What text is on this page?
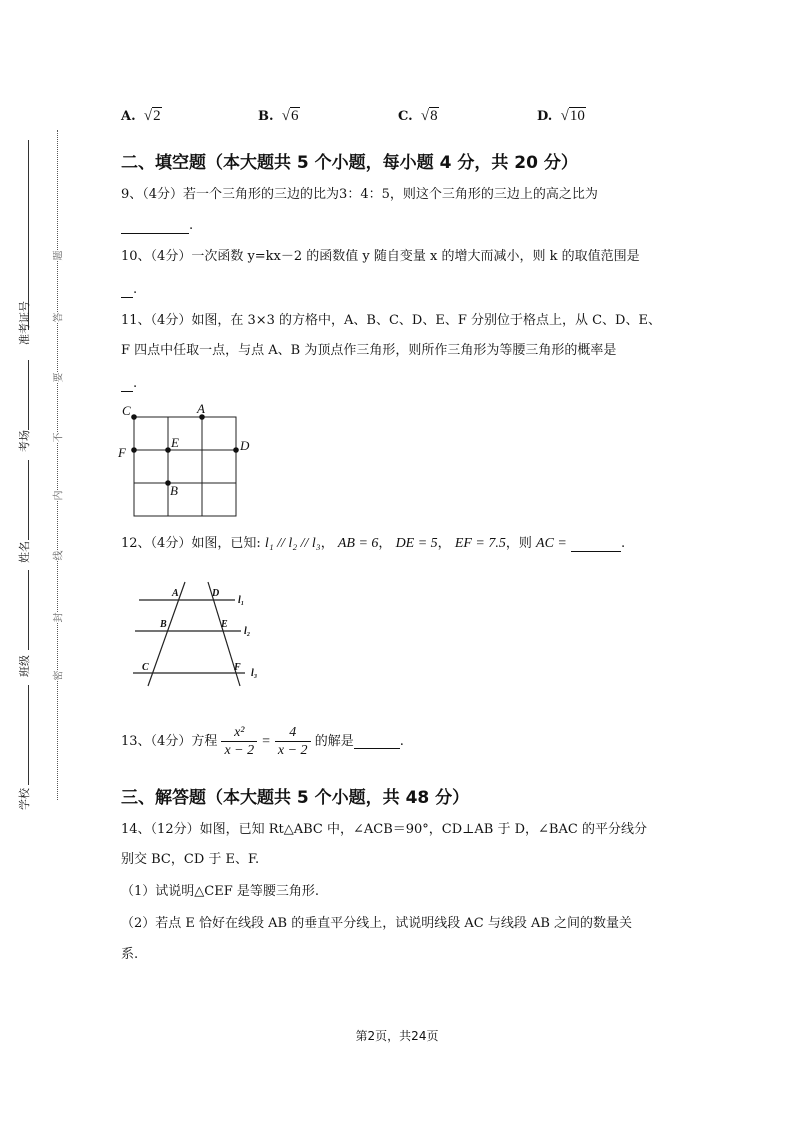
准考证号
考场
姓名
班级
学校
题
答
要
不
内
线
封
密
A. √2	B. √6	C. √8	D. √10
二、填空题（本大题共 5 个小题，每小题 4 分，共 20 分）
9、（4分）若一个三角形的三边的比为3：4：5，则这个三角形的三边上的高之比为
.
10、（4分）一次函数 y=kx－2 的函数值 y 随自变量 x 的增大而减小，则 k 的取值范围是
.
11、（4分）如图，在 3×3 的方格中，A、B、C、D、E、F 分别位于格点上，从 C、D、E、
F 四点中任取一点，与点 A、B 为顶点作三角形，则所作三角形为等腰三角形的概率是
.
C	A
E	D
F
B
12、（4分）如图，已知: l₁ // l₂ // l₃， AB = 6， DE = 5， EF = 7.5，则 AC =	.
A	D
l₁
B	E
l₂
C	F
l₃
13、（4分）方程 $\frac{\text{x²}}{x - 2} = \frac{4}{x - 2}$ 的解是	.
三、解答题（本大题共 5 个小题，共 48 分）
14、（12分）如图，已知 Rt△ABC 中，∠ACB＝90°，CD⊥AB 于 D，∠BAC 的平分线分
别交 BC，CD 于 E、F.
（1）试说明△CEF 是等腰三角形.
（2）若点 E 恰好在线段 AB 的垂直平分线上，试说明线段 AC 与线段 AB 之间的数量关
系.
第2页，共24页
